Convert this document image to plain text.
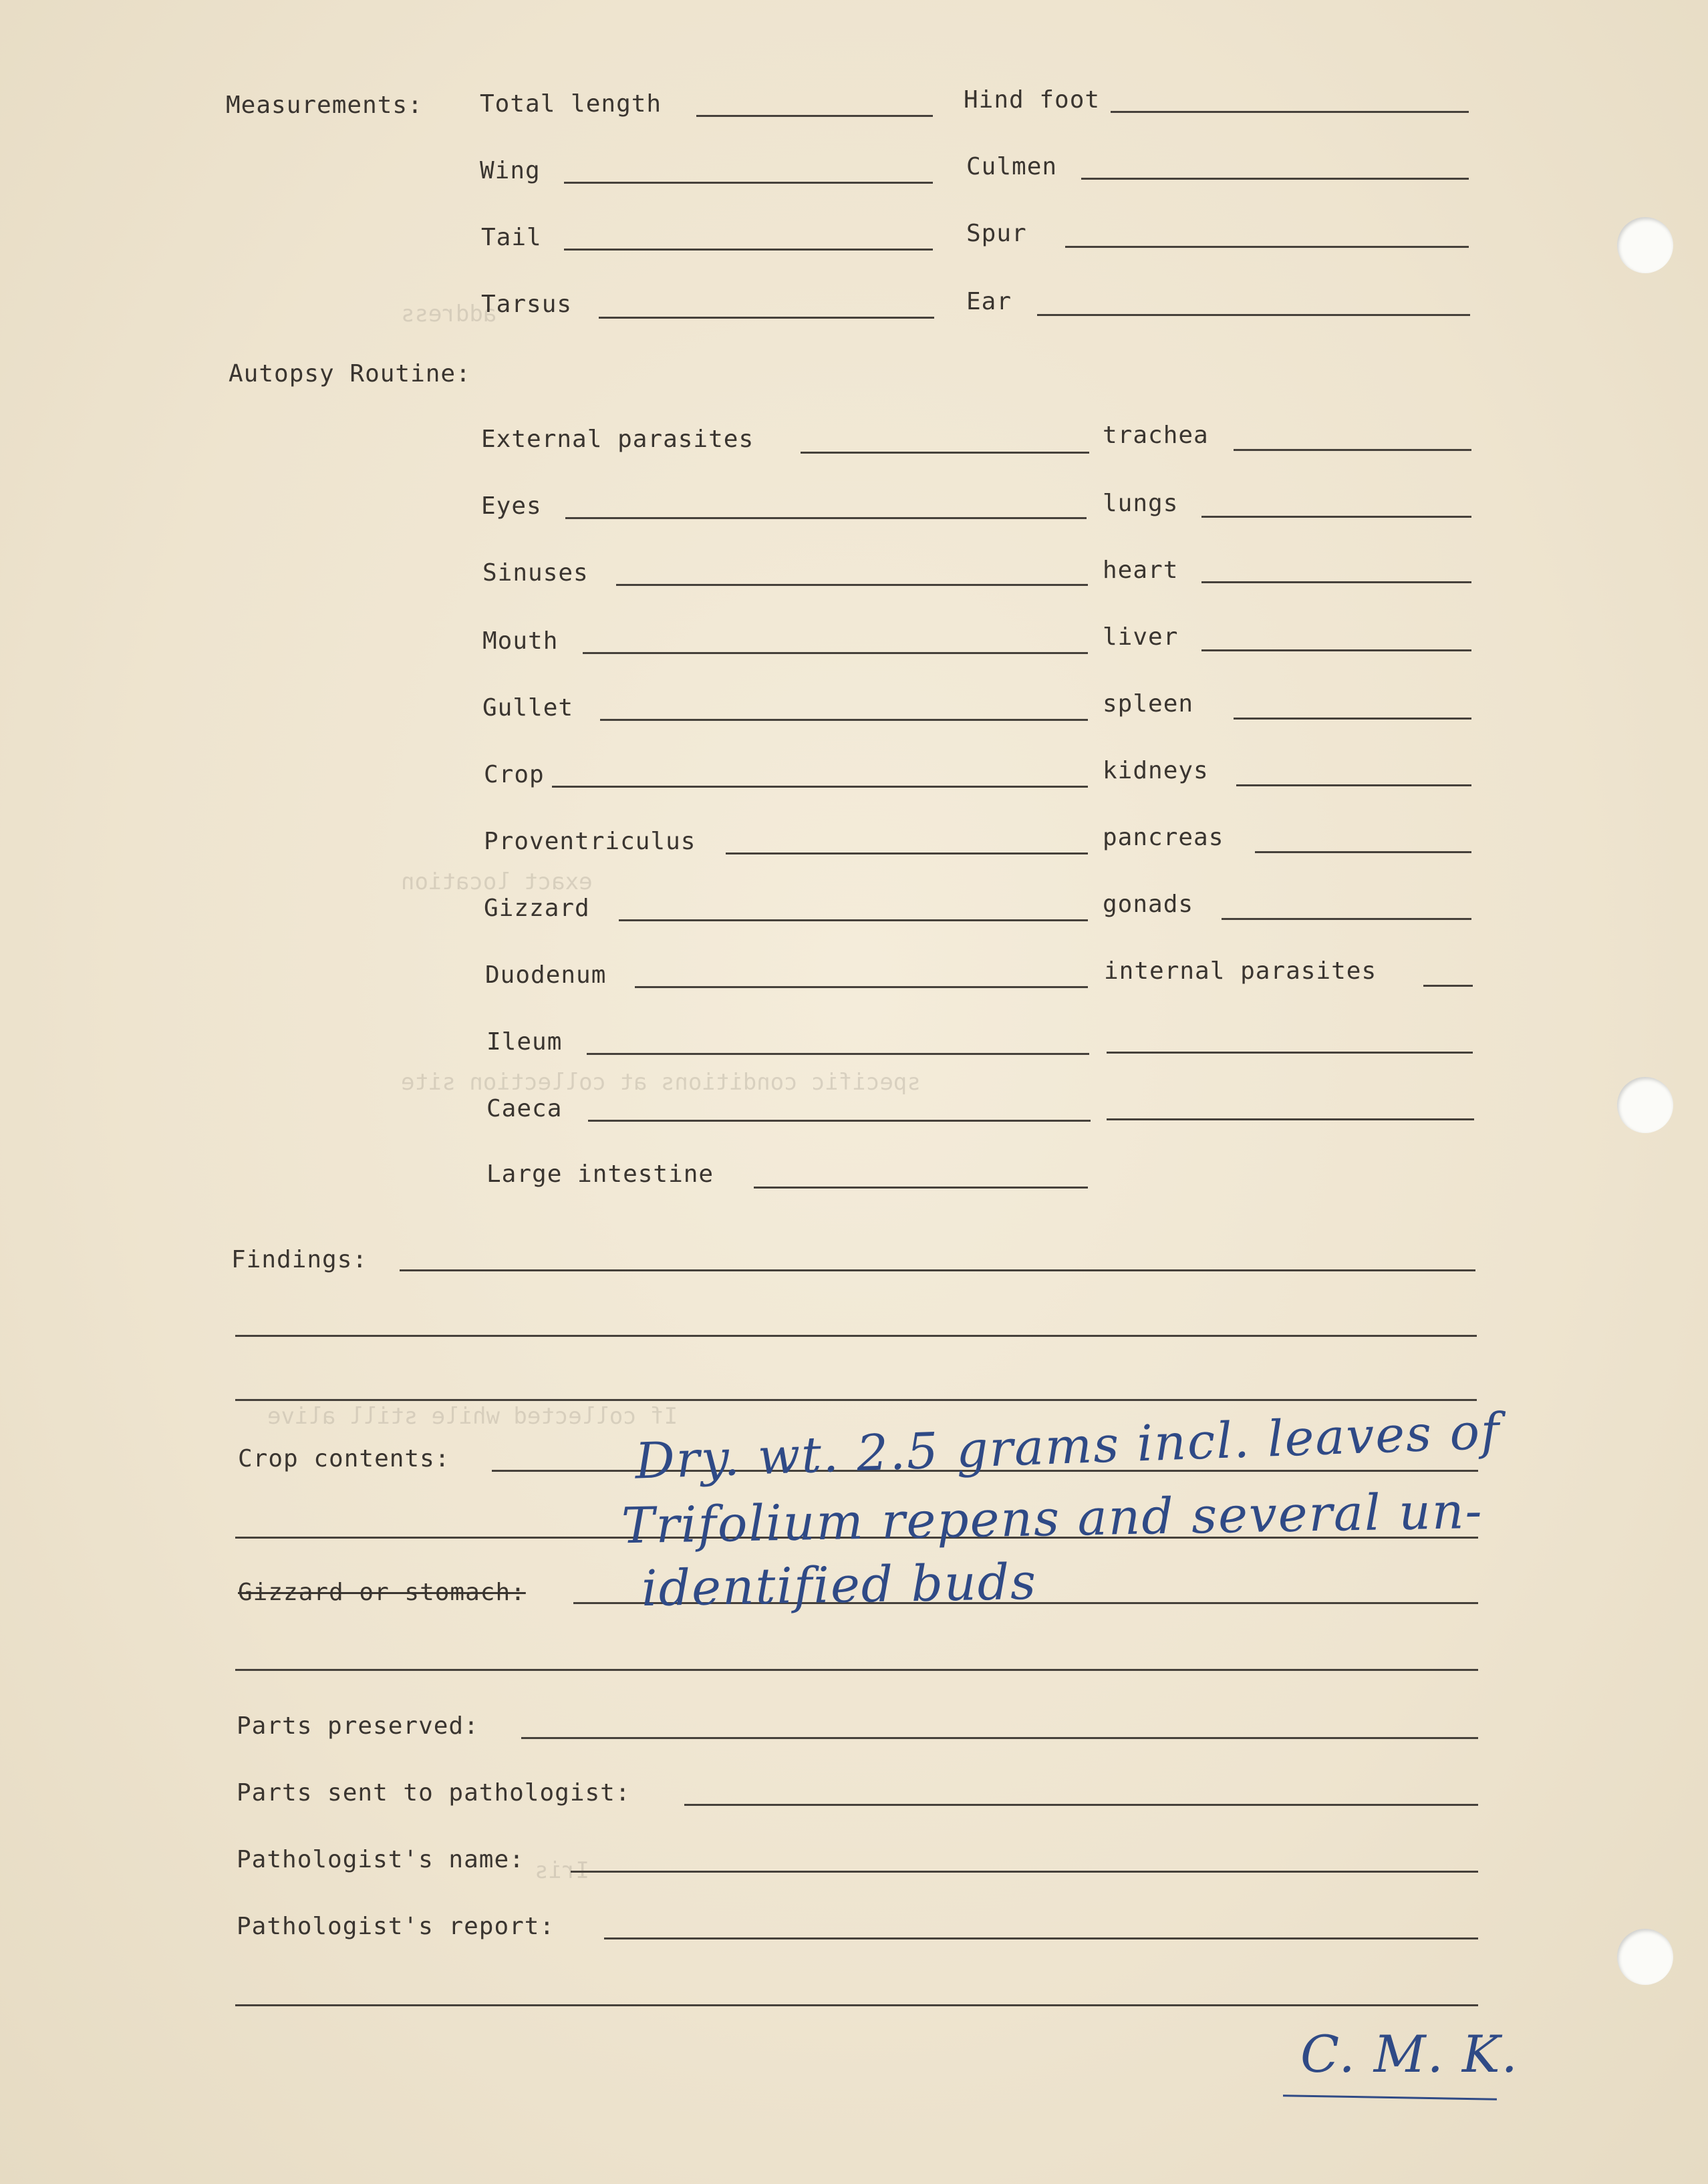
address
exact location
specific conditions at collection site
If collected while still alive
Iris
Measurements: Total length	Hind foot
Wing	Culmen
Tail	Spur
Tarsus	Ear
Autopsy Routine:
External parasites	trachea
Eyes	lungs
Sinuses	heart
Mouth	liver
Gullet	spleen
Crop	kidneys
Proventriculus	pancreas
Gizzard	gonads
Duodenum	internal parasites
Ileum
Caeca
Large intestine
Findings:
Crop contents:
Gizzard or stomach:
Dry. wt. 2.5 grams incl. leaves of
Trifolium repens and several un-
identified buds
Parts preserved:
Parts sent to pathologist:
Pathologist's name:
Pathologist's report:
C. M. K.
